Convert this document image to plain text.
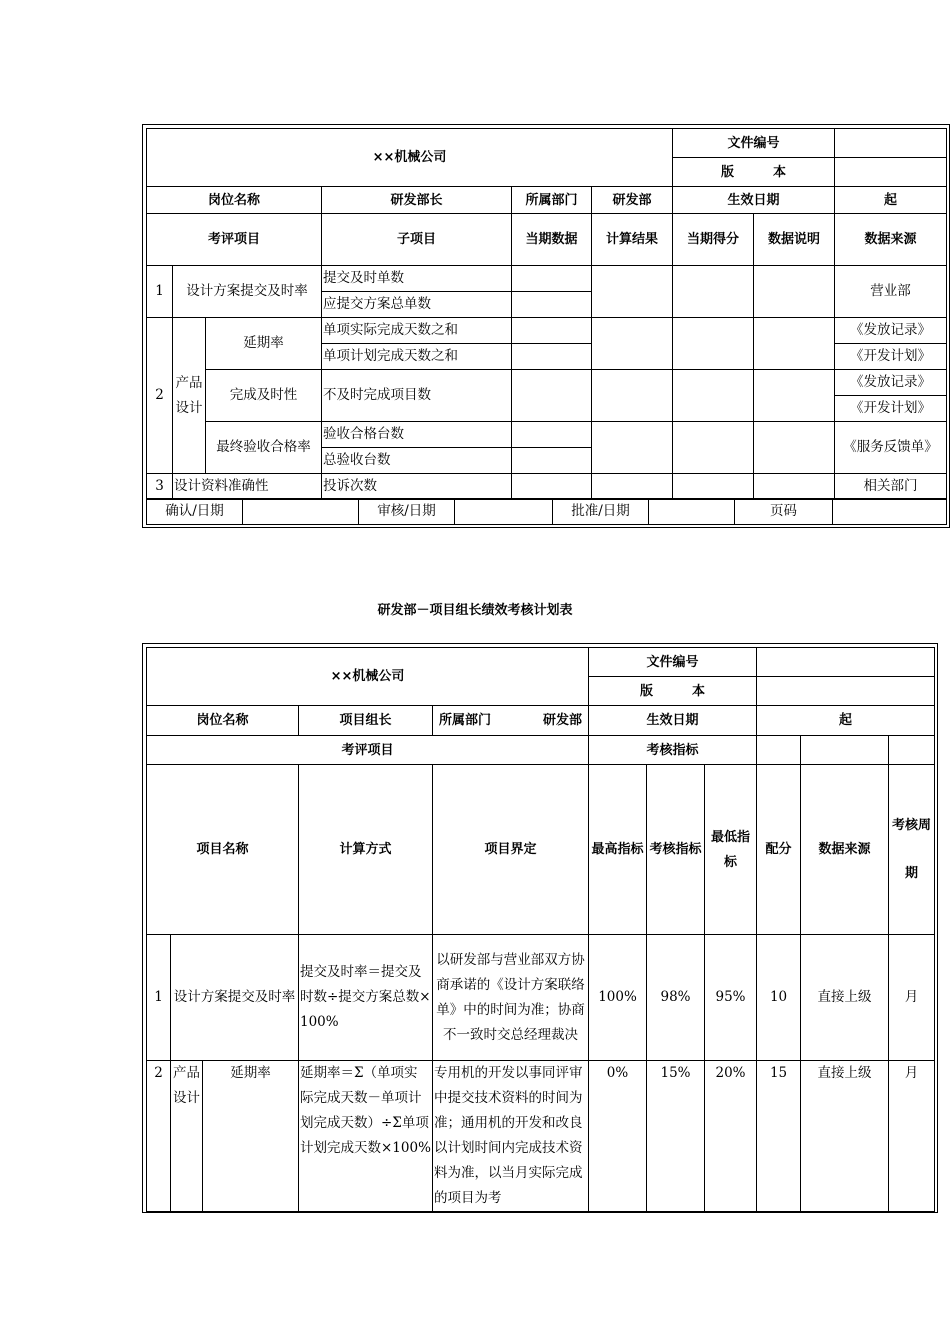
××机械公司						文件编号		
						版　　　本		
岗位名称			研发部长	所属部门	研发部	生效日期		起
考评项目			子项目	当期数据	计算结果	当期得分	数据说明	数据来源
1	设计方案提交及时率		提交及时单数					营业部
			应提交方案总单数					
2	产品设计	延期率	单项实际完成天数之和					《发放记录》
			单项计划完成天数之和					《开发计划》
		完成及时性	不及时完成项目数					《发放记录》
								《开发计划》
		最终验收合格率	验收合格台数					《服务反馈单》
			总验收台数					
3	设计资料准确性		投诉次数					相关部门
确认/日期		审核/日期		批准/日期		页码	
研发部－项目组长绩效考核计划表
××机械公司					文件编号					
					版　　　本					
岗位名称			项目组长	所属部门　　　　 研发部	生效日期			起		
考评项目					考核指标					
项目名称			计算方式	项目界定	最高指标	考核指标	最低指标	配分	数据来源	考核周期
1	设计方案提交及时率		提交及时率＝提交及时数÷提交方案总数×100%	以研发部与营业部双方协商承诺的《设计方案联络单》中的时间为准；协商不一致时交总经理裁决	100%	98%	95%	10	直接上级	月
2	产品设计	延期率	延期率＝Σ（单项实际完成天数－单项计划完成天数）÷Σ单项计划完成天数×100%	专用机的开发以事同评审中提交技术资料的时间为准；通用机的开发和改良以计划时间内完成技术资料为准，以当月实际完成的项目为考	0%	15%	20%	15	直接上级	月
